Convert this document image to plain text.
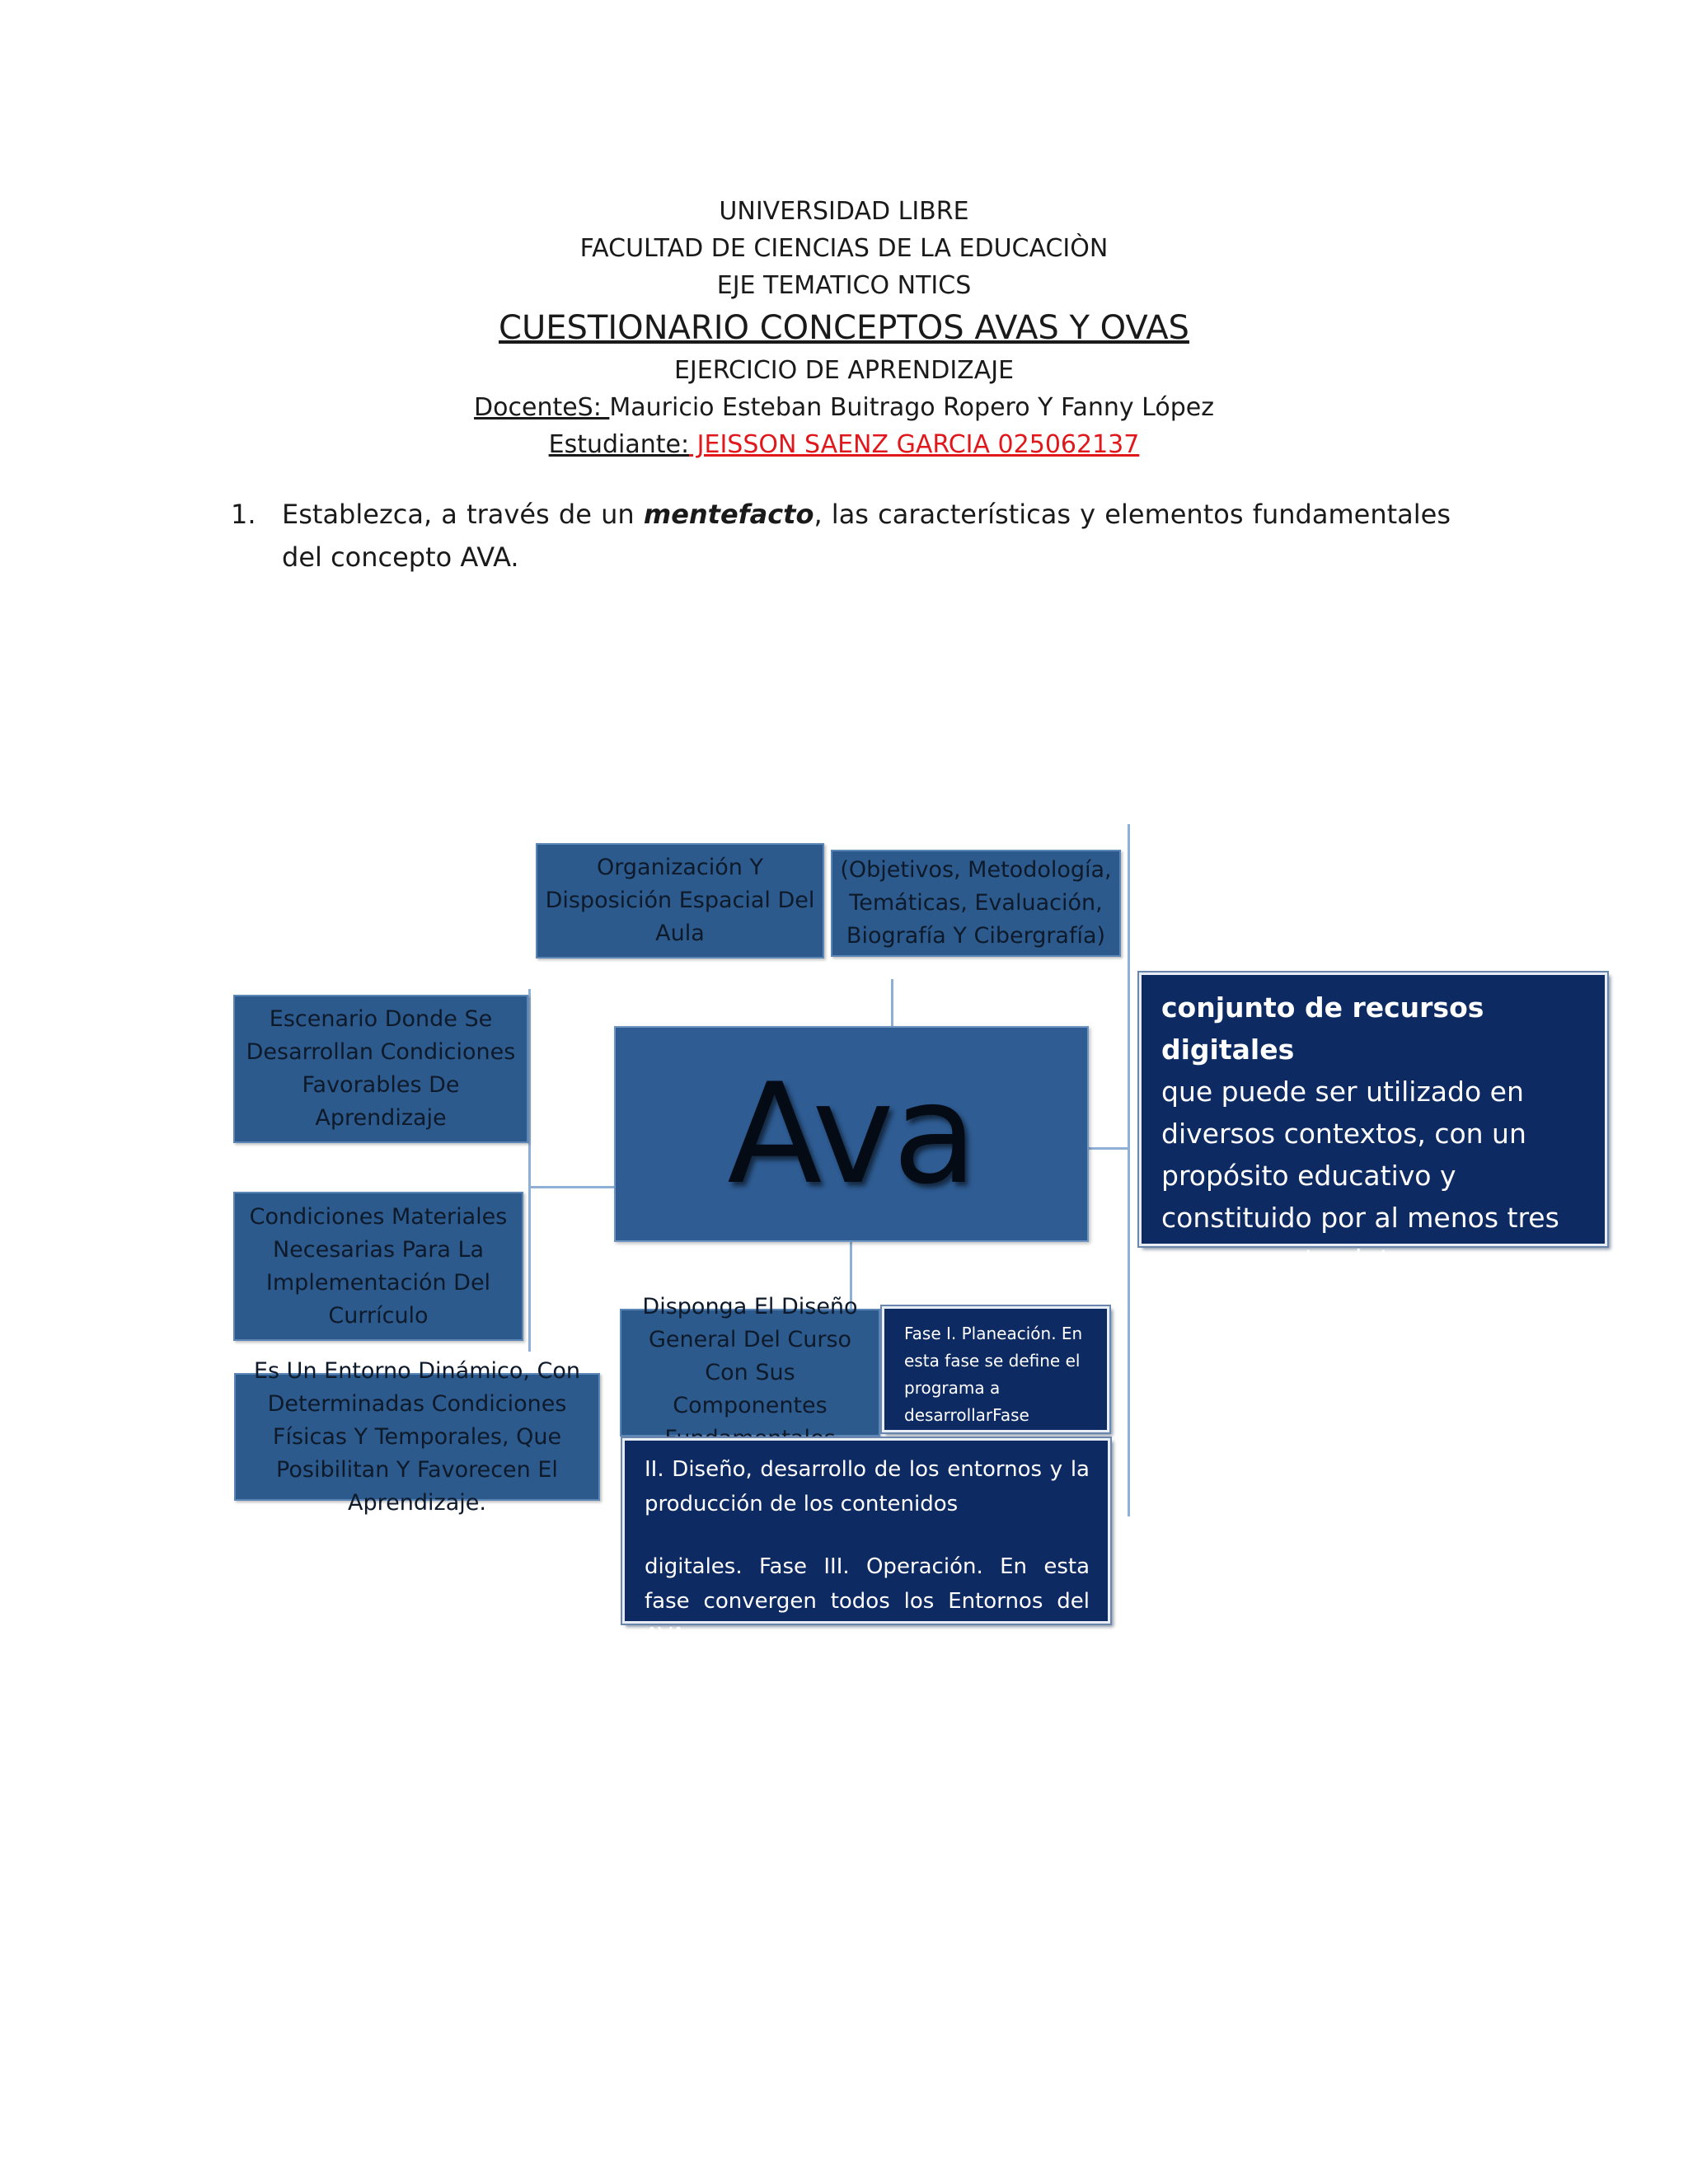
UNIVERSIDAD LIBRE
FACULTAD DE CIENCIAS DE LA EDUCACIÒN
EJE TEMATICO NTICS
CUESTIONARIO CONCEPTOS AVAS Y OVAS
EJERCICIO DE APRENDIZAJE
DocenteS: Mauricio Esteban Buitrago Ropero Y Fanny López
Estudiante: JEISSON SAENZ GARCIA 025062137
1. Establezca, a través de un mentefacto, las características y elementos fundamentales del concepto AVA.
Ava
Organización Y Disposición Espacial Del Aula
(Objetivos, Metodología, Temáticas, Evaluación, Biografía Y Cibergrafía)
Escenario Donde Se Desarrollan Condiciones Favorables De Aprendizaje
Condiciones Materiales Necesarias Para La Implementación Del Currículo
Es Un Entorno Dinámico, Con Determinadas Condiciones Físicas Y Temporales, Que Posibilitan Y Favorecen El Aprendizaje.
Disponga El Diseño General Del Curso Con Sus Componentes
conjunto de recursos digitales
que puede ser utilizado en diversos contextos, con un propósito educativo y constituido por al menos tres componentes internos
Fase I. Planeación. En esta fase se define el programa a desarrollarFase
II. Diseño, desarrollo de los entornos y la producción de los contenidos
digitales. Fase III. Operación. En esta fase convergen todos los Entornos del AVA
